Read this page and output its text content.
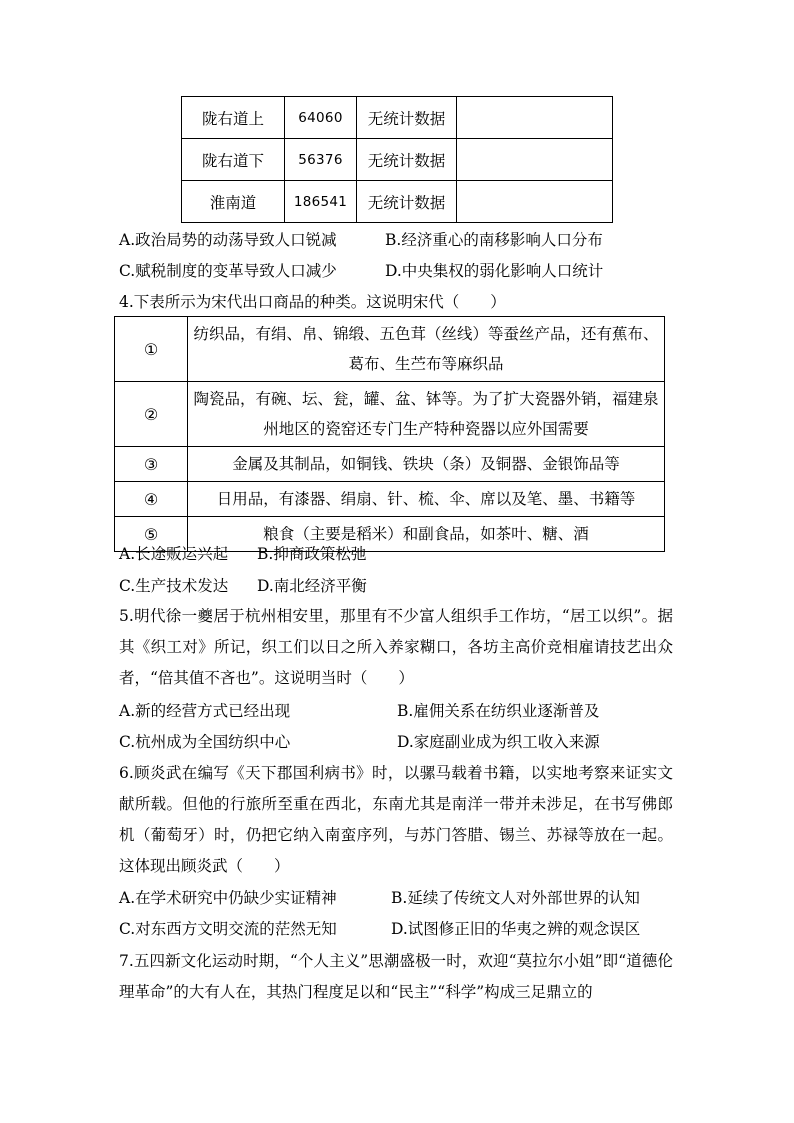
陇右道上	64060	无统计数据	
陇右道下	56376	无统计数据	
淮南道	186541	无统计数据	
A.政治局势的动荡导致人口锐减	B.经济重心的南移影响人口分布
C.赋税制度的变革导致人口减少	D.中央集权的弱化影响人口统计
4.下表所示为宋代出口商品的种类。这说明宋代（　　）
①	纺织品，有绢、帛、锦缎、五色茸（丝线）等蚕丝产品，还有蕉布、葛布、生苎布等麻织品
②	陶瓷品，有碗、坛、瓮，罐、盆、钵等。为了扩大瓷器外销，福建泉州地区的瓷窑还专门生产特种瓷器以应外国需要
③	金属及其制品，如铜钱、铁块（条）及铜器、金银饰品等
④	日用品，有漆器、绢扇、针、梳、伞、席以及笔、墨、书籍等
⑤	粮食（主要是稻米）和副食品，如茶叶、糖、酒
A.长途贩运兴起 B.抑商政策松弛
C.生产技术发达 D.南北经济平衡
5.明代徐一夔居于杭州相安里，那里有不少富人组织手工作坊，“居工以织”。据其《织工对》所记，织工们以日之所入养家糊口，各坊主高价竞相雇请技艺出众者，“倍其值不吝也”。这说明当时（　　）
A.新的经营方式已经出现	B.雇佣关系在纺织业逐渐普及
C.杭州成为全国纺织中心	D.家庭副业成为织工收入来源
6.顾炎武在编写《天下郡国利病书》时，以骡马载着书籍，以实地考察来证实文献所载。但他的行旅所至重在西北，东南尤其是南洋一带并未涉足，在书写佛郎机（葡萄牙）时，仍把它纳入南蛮序列，与苏门答腊、锡兰、苏禄等放在一起。这体现出顾炎武（　　）
A.在学术研究中仍缺少实证精神	B.延续了传统文人对外部世界的认知
C.对东西方文明交流的茫然无知	D.试图修正旧的华夷之辨的观念误区
7.五四新文化运动时期，“个人主义”思潮盛极一时，欢迎“莫拉尔小姐”即“道德伦理革命”的大有人在，其热门程度足以和“民主”“科学”构成三足鼎立的
